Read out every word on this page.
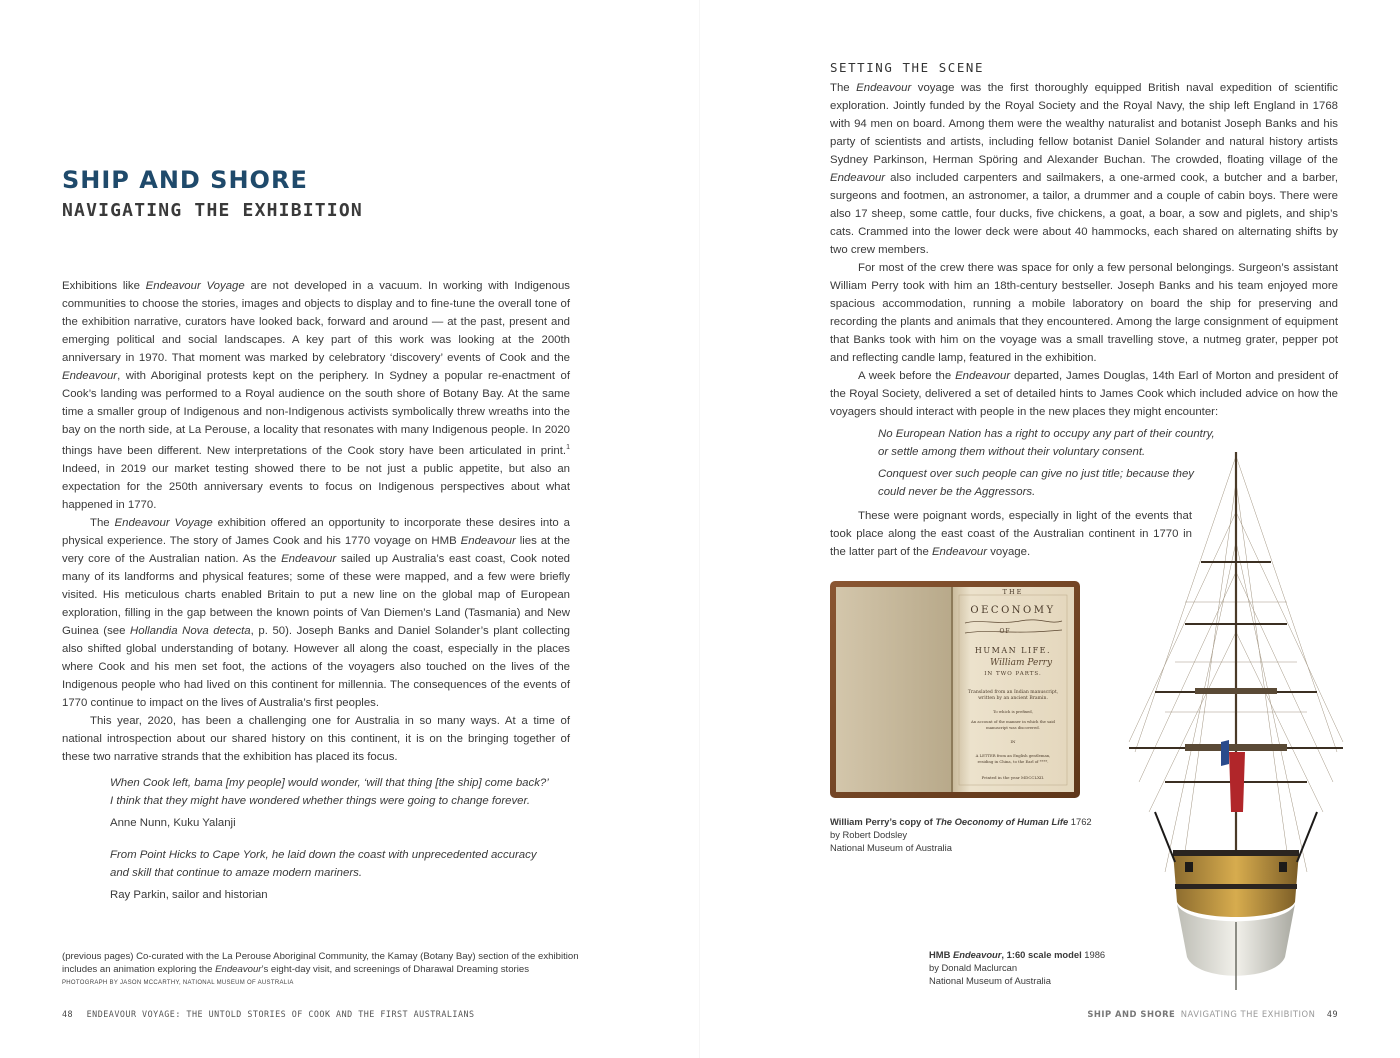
SHIP AND SHORE
NAVIGATING THE EXHIBITION

Exhibitions like Endeavour Voyage are not developed in a vacuum. In working with Indigenous communities to choose the stories, images and objects to display and to fine-tune the overall tone of the exhibition narrative, curators have looked back, forward and around — at the past, present and emerging political and social landscapes. A key part of this work was looking at the 200th anniversary in 1970. That moment was marked by celebratory ‘discovery’ events of Cook and the Endeavour, with Aboriginal protests kept on the periphery. In Sydney a popular re-enactment of Cook’s landing was performed to a Royal audience on the south shore of Botany Bay. At the same time a smaller group of Indigenous and non-Indigenous activists symbolically threw wreaths into the bay on the north side, at La Perouse, a locality that resonates with many Indigenous people. In 2020 things have been different. New interpretations of the Cook story have been articulated in print.$^1$ Indeed, in 2019 our market testing showed there to be not just a public appetite, but also an expectation for the 250th anniversary events to focus on Indigenous perspectives about what happened in 1770.

The Endeavour Voyage exhibition offered an opportunity to incorporate these desires into a physical experience. The story of James Cook and his 1770 voyage on HMB Endeavour lies at the very core of the Australian nation. As the Endeavour sailed up Australia’s east coast, Cook noted many of its landforms and physical features; some of these were mapped, and a few were briefly visited. His meticulous charts enabled Britain to put a new line on the global map of European exploration, filling in the gap between the known points of Van Diemen’s Land (Tasmania) and New Guinea (see Hollandia Nova detecta, p. 50). Joseph Banks and Daniel Solander’s plant collecting also shifted global understanding of botany. However all along the coast, especially in the places where Cook and his men set foot, the actions of the voyagers also touched on the lives of the Indigenous people who had lived on this continent for millennia. The consequences of the events of 1770 continue to impact on the lives of Australia’s first peoples.

This year, 2020, has been a challenging one for Australia in so many ways. At a time of national introspection about our shared history on this continent, it is on the bringing together of these two narrative strands that the exhibition has placed its focus.

When Cook left, bama [my people] would wonder, ‘will that thing [the ship] come back?’
I think that they might have wondered whether things were going to change forever.

Anne Nunn, Kuku Yalanji

From Point Hicks to Cape York, he laid down the coast with unprecedented accuracy
and skill that continue to amaze modern mariners.

Ray Parkin, sailor and historian

(previous pages) Co-curated with the La Perouse Aboriginal Community, the Kamay (Botany Bay) section of the exhibition includes an animation exploring the Endeavour’s eight-day visit, and screenings of Dharawal Dreaming stories
PHOTOGRAPH BY JASON MCCARTHY, NATIONAL MUSEUM OF AUSTRALIA
48 ENDEAVOUR VOYAGE: THE UNTOLD STORIES OF COOK AND THE FIRST AUSTRALIANS
SETTING THE SCENE

The Endeavour voyage was the first thoroughly equipped British naval expedition of scientific exploration. Jointly funded by the Royal Society and the Royal Navy, the ship left England in 1768 with 94 men on board. Among them were the wealthy naturalist and botanist Joseph Banks and his party of scientists and artists, including fellow botanist Daniel Solander and natural history artists Sydney Parkinson, Herman Spöring and Alexander Buchan. The crowded, floating village of the Endeavour also included carpenters and sailmakers, a one-armed cook, a butcher and a barber, surgeons and footmen, an astronomer, a tailor, a drummer and a couple of cabin boys. There were also 17 sheep, some cattle, four ducks, five chickens, a goat, a boar, a sow and piglets, and ship’s cats. Crammed into the lower deck were about 40 hammocks, each shared on alternating shifts by two crew members.

For most of the crew there was space for only a few personal belongings. Surgeon’s assistant William Perry took with him an 18th-century bestseller. Joseph Banks and his team enjoyed more spacious accommodation, running a mobile laboratory on board the ship for preserving and recording the plants and animals that they encountered. Among the large consignment of equipment that Banks took with him on the voyage was a small travelling stove, a nutmeg grater, pepper pot and reflecting candle lamp, featured in the exhibition.

A week before the Endeavour departed, James Douglas, 14th Earl of Morton and president of the Royal Society, delivered a set of detailed hints to James Cook which included advice on how the voyagers should interact with people in the new places they might encounter:

No European Nation has a right to occupy any part of their country,
or settle among them without their voluntary consent.

Conquest over such people can give no just title; because they
could never be the Aggressors.

These were poignant words, especially in light of the events that took place along the east coast of the Australian continent in 1770 in the latter part of the Endeavour voyage.

THE
OECONOMY
OF
HUMAN LIFE.
IN TWO PARTS.
Translated from an Indian manuscript,
written by an ancient Bramin.
To which is prefixed,
An account of the manner in which the said
manuscript was discovered.
IN
A LETTER from an English gentleman,
residing in China, to the Earl of ****.
Printed in the year MDCCLXII.
William Perry
William Perry’s copy of The Oeconomy of Human Life 1762
by Robert Dodsley
National Museum of Australia
HMB Endeavour, 1:60 scale model 1986
by Donald Maclurcan
National Museum of Australia
SHIP AND SHORE NAVIGATING THE EXHIBITION 49
